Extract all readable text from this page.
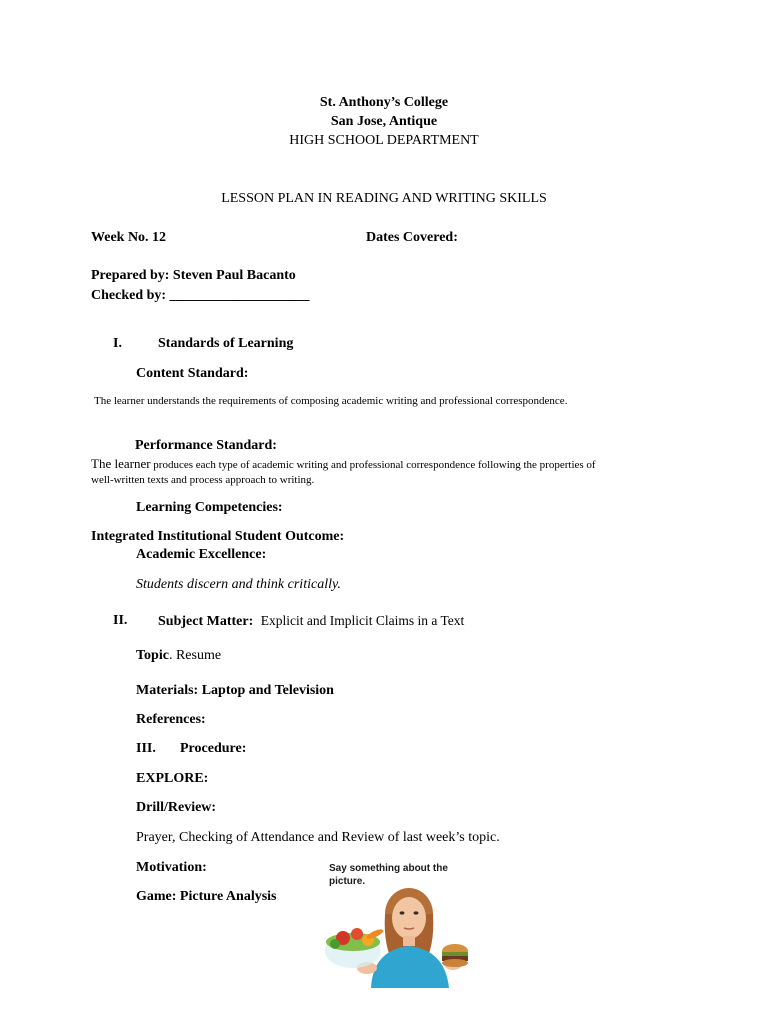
St. Anthony’s College
San Jose, Antique
HIGH SCHOOL DEPARTMENT
LESSON PLAN IN READING AND WRITING SKILLS
Week No. 12	Dates Covered:
Prepared by: Steven Paul Bacanto
Checked by: ____________________
I.	Standards of Learning
Content Standard:
The learner understands the requirements of composing academic writing and professional correspondence.
Performance Standard:
The learner produces each type of academic writing and professional correspondence following the properties of
well-written texts and process approach to writing.
Learning Competencies:
Integrated Institutional Student Outcome:
Academic Excellence:
Students discern and think critically.
II. Subject Matter: Explicit and Implicit Claims in a Text
Topic. Resume
Materials: Laptop and Television
References:
III. Procedure:
EXPLORE:
Drill/Review:
Prayer, Checking of Attendance and Review of last week’s topic.
Motivation:
Game: Picture Analysis
Say something about the picture.
